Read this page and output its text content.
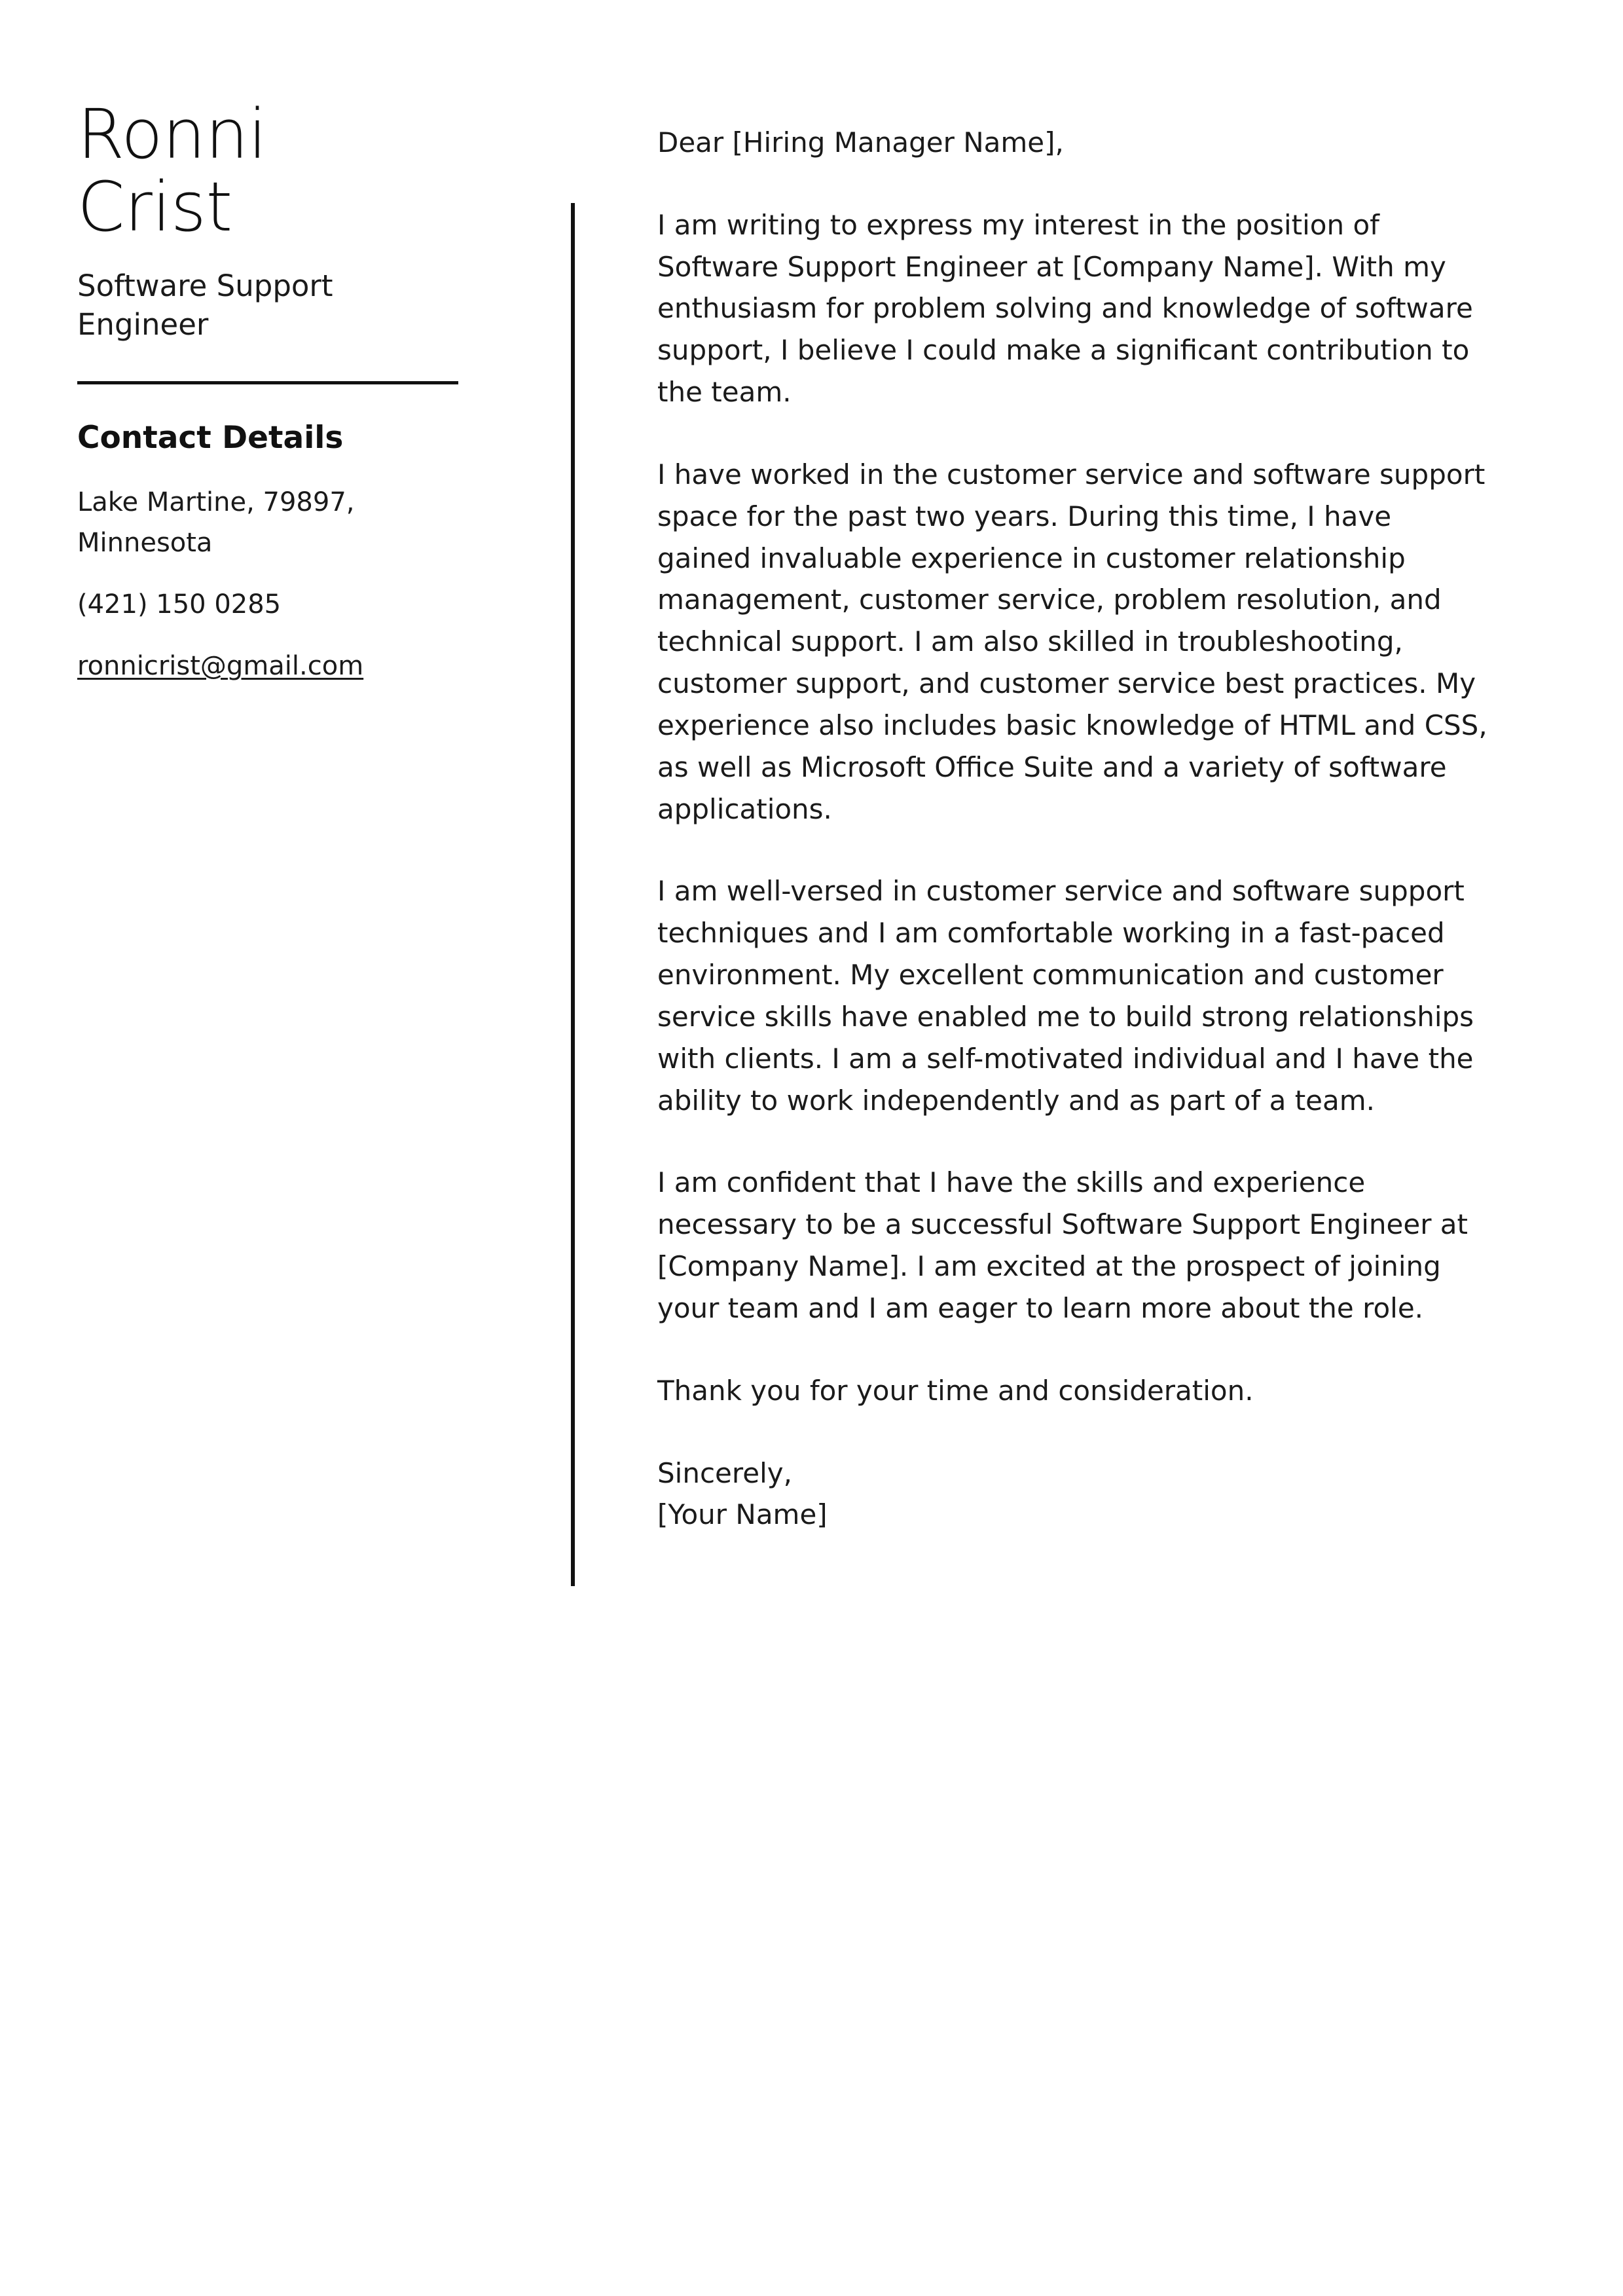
Ronni
Crist
Software Support Engineer
Contact Details
Lake Martine, 79897, Minnesota
(421) 150 0285
ronnicrist@gmail.com

Dear [Hiring Manager Name],

I am writing to express my interest in the position of Software Support Engineer at [Company Name]. With my enthusiasm for problem solving and knowledge of software support, I believe I could make a significant contribution to the team.

I have worked in the customer service and software support space for the past two years. During this time, I have gained invaluable experience in customer relationship management, customer service, problem resolution, and technical support. I am also skilled in troubleshooting, customer support, and customer service best practices. My experience also includes basic knowledge of HTML and CSS, as well as Microsoft Office Suite and a variety of software applications.

I am well-versed in customer service and software support techniques and I am comfortable working in a fast-paced environment. My excellent communication and customer service skills have enabled me to build strong relationships with clients. I am a self-motivated individual and I have the ability to work independently and as part of a team.

I am confident that I have the skills and experience necessary to be a successful Software Support Engineer at [Company Name]. I am excited at the prospect of joining your team and I am eager to learn more about the role.

Thank you for your time and consideration.

Sincerely,
[Your Name]
